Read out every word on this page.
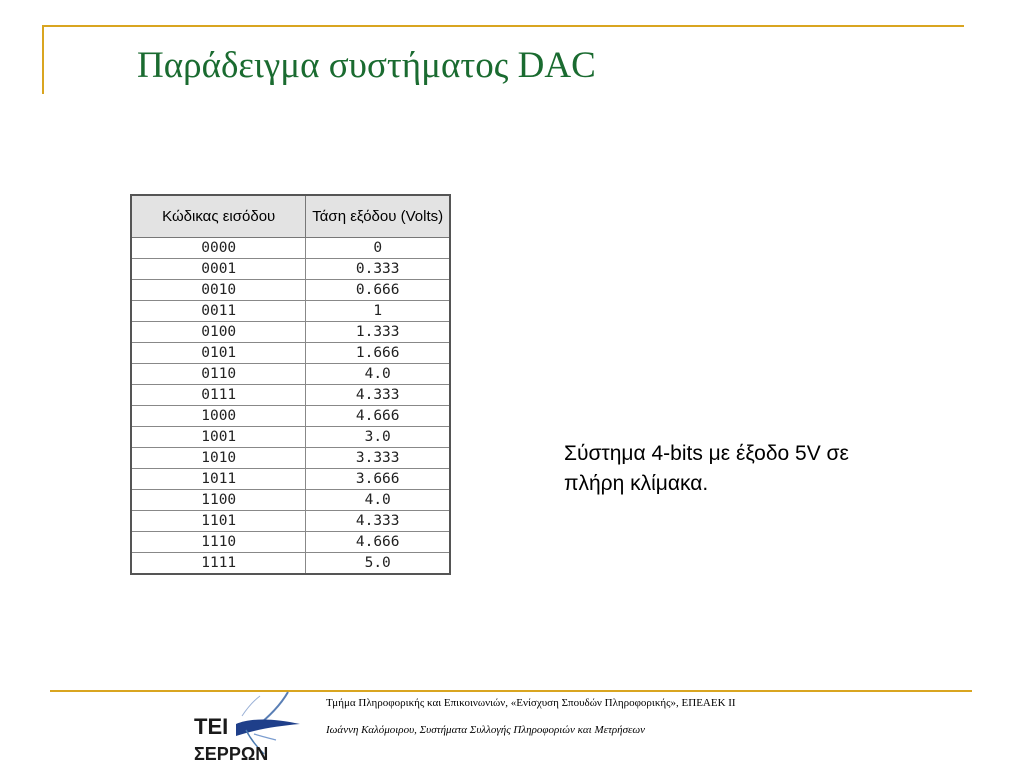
Παράδειγμα συστήματος DAC
Κώδικας εισόδου	Τάση εξόδου (Volts)
0000	0
0001	0.333
0010	0.666
0011	1
0100	1.333
0101	1.666
0110	4.0
0111	4.333
1000	4.666
1001	3.0
1010	3.333
1011	3.666
1100	4.0
1101	4.333
1110	4.666
1111	5.0

Σύστημα 4-bits με έξοδο 5V σε πλήρη κλίμακα.

ΤΕΙ
ΣΕΡΡΩΝ

Τμήμα Πληροφορικής και Επικοινωνιών, «Ενίσχυση Σπουδών Πληροφορικής», ΕΠΕΑΕΚ ΙΙ

Ιωάννη Καλόμοιρου, Συστήματα Συλλογής Πληροφοριών και Μετρήσεων
